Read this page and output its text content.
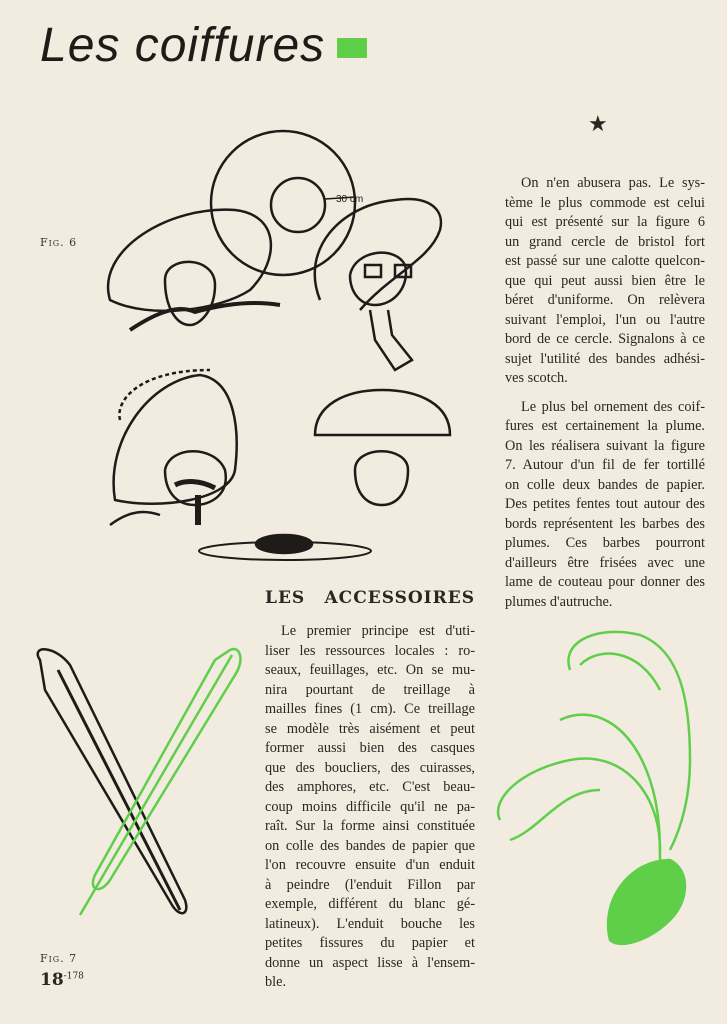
Les coiffures
★
Fig. 6
Fig. 7
$18^{-178}$
30 cm
On n'en abusera pas. Le sys-
tème le plus commode est celui
qui est présenté sur la figure 6
un grand cercle de bristol fort
est passé sur une calotte quelcon-
que qui peut aussi bien être le
béret d'uniforme. On relèvera
suivant l'emploi, l'un ou l'autre
bord de ce cercle. Signalons à ce
sujet l'utilité des bandes adhési-
ves scotch.
Le plus bel ornement des coif-
fures est certainement la plume.
On les réalisera suivant la figure
7. Autour d'un fil de fer tortillé
on colle deux bandes de papier.
Des petites fentes tout autour des
bords représentent les barbes des
plumes. Ces barbes pourront
d'ailleurs être frisées avec une
lame de couteau pour donner des
plumes d'autruche.
LES ACCESSOIRES
Le premier principe est d'uti-
liser les ressources locales : ro-
seaux, feuillages, etc. On se mu-
nira pourtant de treillage à
mailles fines (1 cm). Ce treillage
se modèle très aisément et peut
former aussi bien des casques
que des boucliers, des cuirasses,
des amphores, etc. C'est beau-
coup moins difficile qu'il ne pa-
raît. Sur la forme ainsi constituée
on colle des bandes de papier que
l'on recouvre ensuite d'un enduit
à peindre (l'enduit Fillon par
exemple, différent du blanc gé-
latineux). L'enduit bouche les
petites fissures du papier et
donne un aspect lisse à l'ensem-
ble.
